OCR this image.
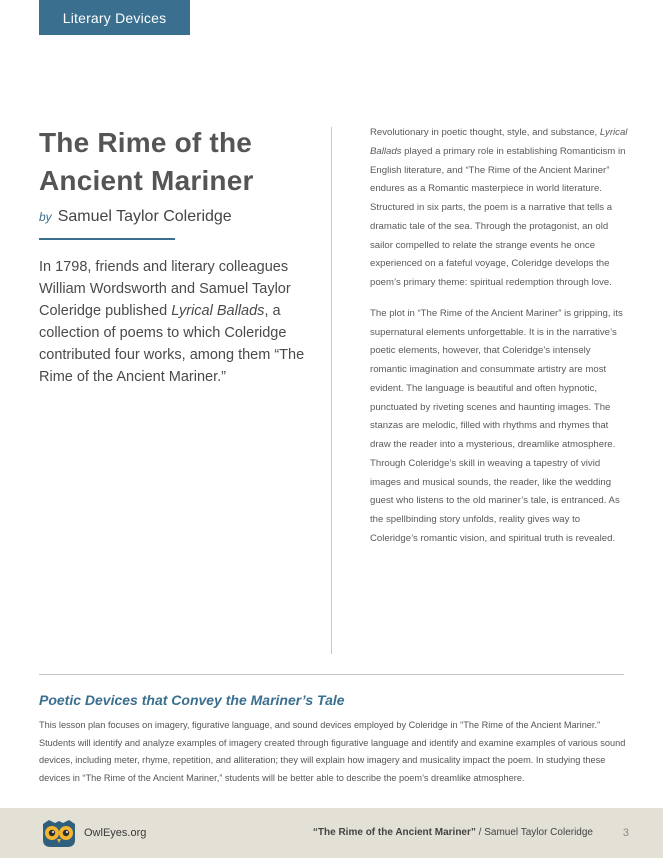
Literary Devices
The Rime of the
Ancient Mariner
by Samuel Taylor Coleridge

In 1798, friends and literary colleagues William Wordsworth and Samuel Taylor Coleridge published Lyrical Ballads, a collection of poems to which Coleridge contributed four works, among them “The Rime of the Ancient Mariner.”

Revolutionary in poetic thought, style, and substance, Lyrical Ballads played a primary role in establishing Romanticism in English literature, and “The Rime of the Ancient Mariner” endures as a Romantic masterpiece in world literature. Structured in six parts, the poem is a narrative that tells a dramatic tale of the sea. Through the protagonist, an old sailor compelled to relate the strange events he once experienced on a fateful voyage, Coleridge develops the poem’s primary theme: spiritual redemption through love.

The plot in “The Rime of the Ancient Mariner” is gripping, its supernatural elements unforgettable. It is in the narrative’s poetic elements, however, that Coleridge’s intensely romantic imagination and consummate artistry are most evident. The language is beautiful and often hypnotic, punctuated by riveting scenes and haunting images. The stanzas are melodic, filled with rhythms and rhymes that draw the reader into a mysterious, dreamlike atmosphere. Through Coleridge’s skill in weaving a tapestry of vivid images and musical sounds, the reader, like the wedding guest who listens to the old mariner’s tale, is entranced. As the spellbinding story unfolds, reality gives way to Coleridge’s romantic vision, and spiritual truth is revealed.

Poetic Devices that Convey the Mariner’s Tale

This lesson plan focuses on imagery, figurative language, and sound devices employed by Coleridge in “The Rime of the Ancient Mariner.” Students will identify and analyze examples of imagery created through figurative language and identify and examine examples of various sound devices, including meter, rhyme, repetition, and alliteration; they will explain how imagery and musicality impact the poem. In studying these devices in “The Rime of the Ancient Mariner,” students will be better able to describe the poem’s dreamlike atmosphere.

OwlEyes.org	“The Rime of the Ancient Mariner” / Samuel Taylor Coleridge	3
